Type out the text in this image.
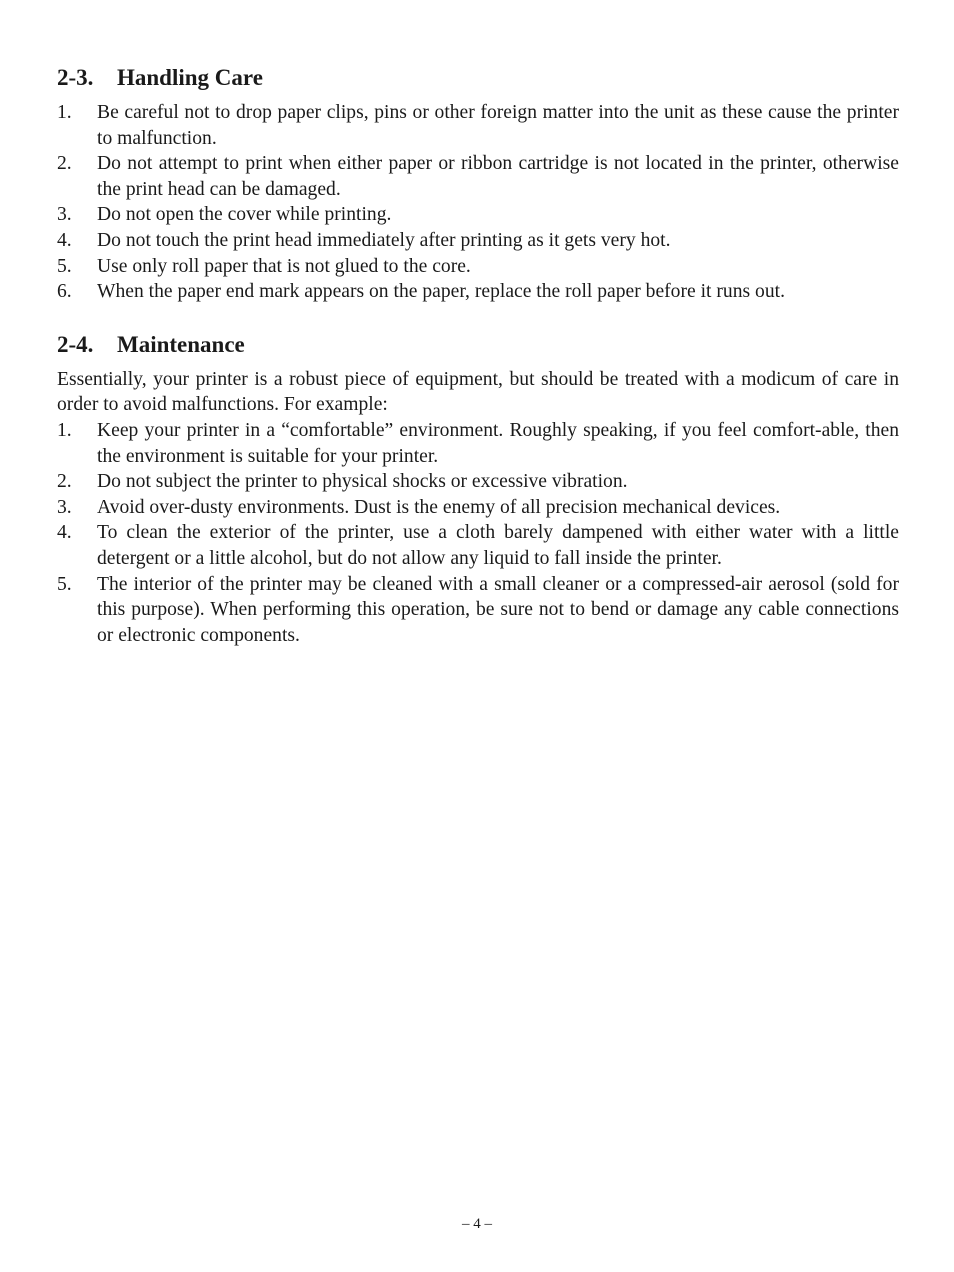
2-3.	Handling Care
1.	Be careful not to drop paper clips, pins or other foreign matter into the unit as these cause the printer to malfunction.
2.	Do not attempt to print when either paper or ribbon cartridge is not located in the printer, otherwise the print head can be damaged.
3.	Do not open the cover while printing.
4.	Do not touch the print head immediately after printing as it gets very hot.
5.	Use only roll paper that is not glued to the core.
6.	When the paper end mark appears on the paper, replace the roll paper before it runs out.
2-4.	Maintenance

Essentially, your printer is a robust piece of equipment, but should be treated with a modicum of care in order to avoid malfunctions. For example:

1.	Keep your printer in a “comfortable” environment. Roughly speaking, if you feel comfort-able, then the environment is suitable for your printer.
2.	Do not subject the printer to physical shocks or excessive vibration.
3.	Avoid over-dusty environments. Dust is the enemy of all precision mechanical devices.
4.	To clean the exterior of the printer, use a cloth barely dampened with either water with a little detergent or a little alcohol, but do not allow any liquid to fall inside the printer.
5.	The interior of the printer may be cleaned with a small cleaner or a compressed-air aerosol (sold for this purpose). When performing this operation, be sure not to bend or damage any cable connections or electronic components.
– 4 –
